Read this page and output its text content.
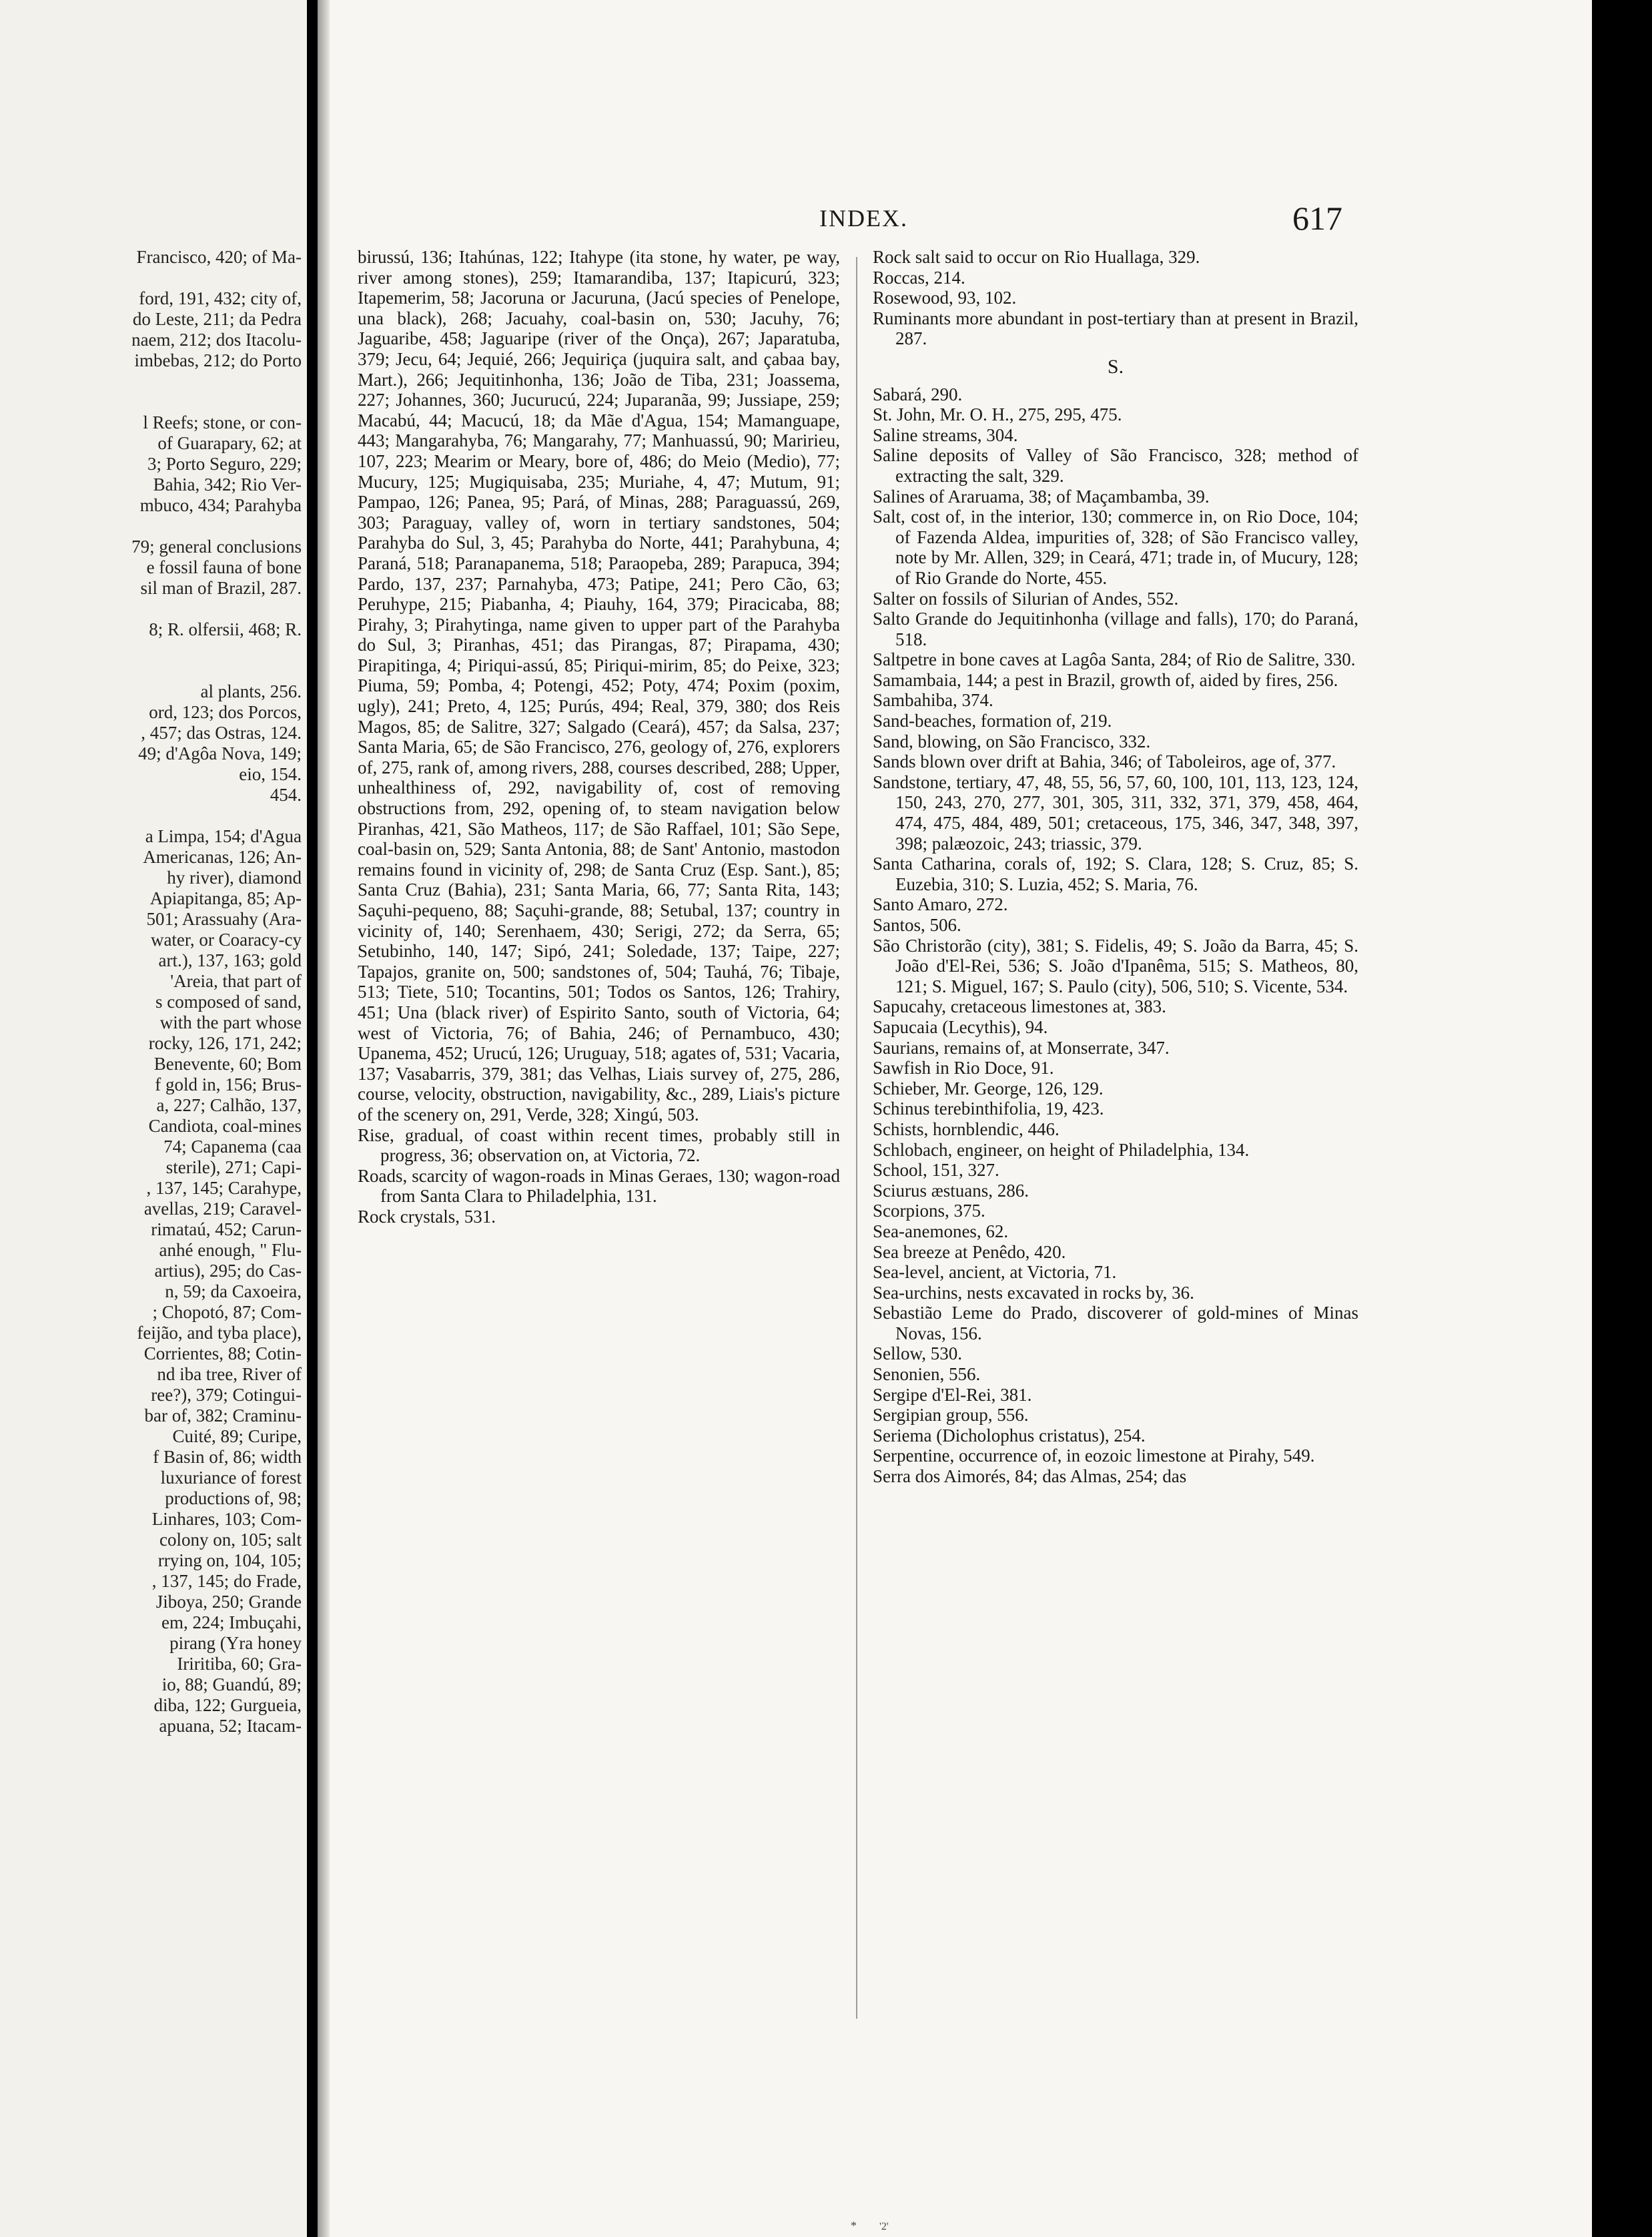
Francisco, 420; of Ma-

ford, 191, 432; city of,

do Leste, 211; da Pedra

naem, 212; dos Itacolu-

imbebas, 212; do Porto

l Reefs; stone, or con-

of Guarapary, 62; at

3; Porto Seguro, 229;

Bahia, 342; Rio Ver-

mbuco, 434; Parahyba

79; general conclusions

e fossil fauna of bone

sil man of Brazil, 287.

8; R. olfersii, 468; R.

al plants, 256.

ord, 123; dos Porcos,

, 457; das Ostras, 124.

49; d'Agôa Nova, 149;

eio, 154.

454.

a Limpa, 154; d'Agua

Americanas, 126; An-

hy river), diamond

Apiapitanga, 85; Ap-

501; Arassuahy (Ara-

water, or Coaracy-cy

art.), 137, 163; gold

'Areia, that part of

s composed of sand,

with the part whose

rocky, 126, 171, 242;

Benevente, 60; Bom

f gold in, 156; Brus-

a, 227; Calhão, 137,

Candiota, coal-mines

74; Capanema (caa

sterile), 271; Capi-

, 137, 145; Carahype,

avellas, 219; Caravel-

rimataú, 452; Carun-

anhé enough, " Flu-

artius), 295; do Cas-

n, 59; da Caxoeira,

; Chopotó, 87; Com-

feijão, and tyba place),

Corrientes, 88; Cotin-

nd iba tree, River of

ree?), 379; Cotingui-

bar of, 382; Craminu-

Cuité, 89; Curipe,

f Basin of, 86; width

luxuriance of forest

productions of, 98;

Linhares, 103; Com-

colony on, 105; salt

rrying on, 104, 105;

, 137, 145; do Frade,

Jiboya, 250; Grande

em, 224; Imbuçahi,

pirang (Yra honey

Iriritiba, 60; Gra-

io, 88; Guandú, 89;

diba, 122; Gurgueia,

apuana, 52; Itacam-

INDEX.	617

birussú, 136; Itahúnas, 122; Itahype (ita stone, hy water, pe way, river among stones), 259; Itamarandiba, 137; Itapicurú, 323; Itapemerim, 58; Jacoruna or Jacuruna, (Jacú species of Penelope, una black), 268; Jacuahy, coal-basin on, 530; Jacuhy, 76; Jaguaribe, 458; Jaguaripe (river of the Onça), 267; Japaratuba, 379; Jecu, 64; Jequié, 266; Jequiriça (juquira salt, and çabaa bay, Mart.), 266; Jequitinhonha, 136; João de Tiba, 231; Joassema, 227; Johannes, 360; Jucurucú, 224; Juparanãa, 99; Jussiape, 259; Macabú, 44; Macucú, 18; da Mãe d'Agua, 154; Mamanguape, 443; Mangarahyba, 76; Mangarahy, 77; Manhuassú, 90; Maririeu, 107, 223; Mearim or Meary, bore of, 486; do Meio (Medio), 77; Mucury, 125; Mugiquisaba, 235; Muriahe, 4, 47; Mutum, 91; Pampao, 126; Panea, 95; Pará, of Minas, 288; Paraguassú, 269, 303; Paraguay, valley of, worn in tertiary sandstones, 504; Parahyba do Sul, 3, 45; Parahyba do Norte, 441; Parahybuna, 4; Paraná, 518; Paranapanema, 518; Paraopeba, 289; Parapuca, 394; Pardo, 137, 237; Parnahyba, 473; Patipe, 241; Pero Cão, 63; Peruhype, 215; Piabanha, 4; Piauhy, 164, 379; Piracicaba, 88; Pirahy, 3; Pirahytinga, name given to upper part of the Parahyba do Sul, 3; Piranhas, 451; das Pirangas, 87; Pirapama, 430; Pirapitinga, 4; Piriqui-assú, 85; Piriqui-mirim, 85; do Peixe, 323; Piuma, 59; Pomba, 4; Potengi, 452; Poty, 474; Poxim (poxim, ugly), 241; Preto, 4, 125; Purús, 494; Real, 379, 380; dos Reis Magos, 85; de Salitre, 327; Salgado (Ceará), 457; da Salsa, 237; Santa Maria, 65; de São Francisco, 276, geology of, 276, explorers of, 275, rank of, among rivers, 288, courses described, 288; Upper, unhealthiness of, 292, navigability of, cost of removing obstructions from, 292, opening of, to steam navigation below Piranhas, 421, São Matheos, 117; de São Raffael, 101; São Sepe, coal-basin on, 529; Santa Antonia, 88; de Sant' Antonio, mastodon remains found in vicinity of, 298; de Santa Cruz (Esp. Sant.), 85; Santa Cruz (Bahia), 231; Santa Maria, 66, 77; Santa Rita, 143; Saçuhi-pequeno, 88; Saçuhi-grande, 88; Setubal, 137; country in vicinity of, 140; Serenhaem, 430; Serigi, 272; da Serra, 65; Setubinho, 140, 147; Sipó, 241; Soledade, 137; Taipe, 227; Tapajos, granite on, 500; sandstones of, 504; Tauhá, 76; Tibaje, 513; Tiete, 510; Tocantins, 501; Todos os Santos, 126; Trahiry, 451; Una (black river) of Espirito Santo, south of Victoria, 64; west of Victoria, 76; of Bahia, 246; of Pernambuco, 430; Upanema, 452; Urucú, 126; Uruguay, 518; agates of, 531; Vacaria, 137; Vasabarris, 379, 381; das Velhas, Liais survey of, 275, 286, course, velocity, obstruction, navigability, &c., 289, Liais's picture of the scenery on, 291, Verde, 328; Xingú, 503.

Rise, gradual, of coast within recent times, probably still in progress, 36; observation on, at Victoria, 72.

Roads, scarcity of wagon-roads in Minas Geraes, 130; wagon-road from Santa Clara to Philadelphia, 131.

Rock crystals, 531.

Rock salt said to occur on Rio Huallaga, 329.

Roccas, 214.

Rosewood, 93, 102.

Ruminants more abundant in post-tertiary than at present in Brazil, 287.

S.

Sabará, 290.

St. John, Mr. O. H., 275, 295, 475.

Saline streams, 304.

Saline deposits of Valley of São Francisco, 328; method of extracting the salt, 329.

Salines of Araruama, 38; of Maçambamba, 39.

Salt, cost of, in the interior, 130; commerce in, on Rio Doce, 104; of Fazenda Aldea, impurities of, 328; of São Francisco valley, note by Mr. Allen, 329; in Ceará, 471; trade in, of Mucury, 128; of Rio Grande do Norte, 455.

Salter on fossils of Silurian of Andes, 552.

Salto Grande do Jequitinhonha (village and falls), 170; do Paraná, 518.

Saltpetre in bone caves at Lagôa Santa, 284; of Rio de Salitre, 330.

Samambaia, 144; a pest in Brazil, growth of, aided by fires, 256.

Sambahiba, 374.

Sand-beaches, formation of, 219.

Sand, blowing, on São Francisco, 332.

Sands blown over drift at Bahia, 346; of Taboleiros, age of, 377.

Sandstone, tertiary, 47, 48, 55, 56, 57, 60, 100, 101, 113, 123, 124, 150, 243, 270, 277, 301, 305, 311, 332, 371, 379, 458, 464, 474, 475, 484, 489, 501; cretaceous, 175, 346, 347, 348, 397, 398; palæozoic, 243; triassic, 379.

Santa Catharina, corals of, 192; S. Clara, 128; S. Cruz, 85; S. Euzebia, 310; S. Luzia, 452; S. Maria, 76.

Santo Amaro, 272.

Santos, 506.

São Christorão (city), 381; S. Fidelis, 49; S. João da Barra, 45; S. João d'El-Rei, 536; S. João d'Ipanêma, 515; S. Matheos, 80, 121; S. Miguel, 167; S. Paulo (city), 506, 510; S. Vicente, 534.

Sapucahy, cretaceous limestones at, 383.

Sapucaia (Lecythis), 94.

Saurians, remains of, at Monserrate, 347.

Sawfish in Rio Doce, 91.

Schieber, Mr. George, 126, 129.

Schinus terebinthifolia, 19, 423.

Schists, hornblendic, 446.

Schlobach, engineer, on height of Philadelphia, 134.

School, 151, 327.

Sciurus æstuans, 286.

Scorpions, 375.

Sea-anemones, 62.

Sea breeze at Penêdo, 420.

Sea-level, ancient, at Victoria, 71.

Sea-urchins, nests excavated in rocks by, 36.

Sebastião Leme do Prado, discoverer of gold-mines of Minas Novas, 156.

Sellow, 530.

Senonien, 556.

Sergipe d'El-Rei, 381.

Sergipian group, 556.

Seriema (Dicholophus cristatus), 254.

Serpentine, occurrence of, in eozoic limestone at Pirahy, 549.

Serra dos Aimorés, 84; das Almas, 254; das

* '2'
